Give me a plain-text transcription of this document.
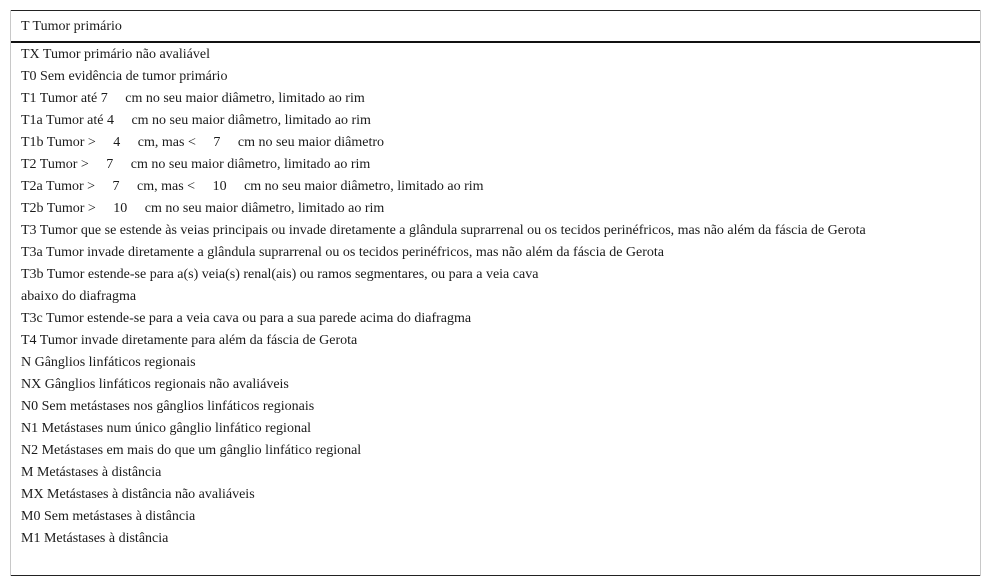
T Tumor primário
TX Tumor primário não avaliável
T0 Sem evidência de tumor primário
T1 Tumor até 7     cm no seu maior diâmetro, limitado ao rim
T1a Tumor até 4     cm no seu maior diâmetro, limitado ao rim
T1b Tumor >     4     cm, mas <     7     cm no seu maior diâmetro
T2 Tumor >     7     cm no seu maior diâmetro, limitado ao rim
T2a Tumor >     7     cm, mas <     10     cm no seu maior diâmetro, limitado ao rim
T2b Tumor >     10     cm no seu maior diâmetro, limitado ao rim
T3 Tumor que se estende às veias principais ou invade diretamente a glândula suprarrenal ou os tecidos perinéfricos, mas não além da fáscia de Gerota
T3a Tumor invade diretamente a glândula suprarrenal ou os tecidos perinéfricos, mas não além da fáscia de Gerota
T3b Tumor estende-se para a(s) veia(s) renal(ais) ou ramos segmentares, ou para a veia cava
abaixo do diafragma
T3c Tumor estende-se para a veia cava ou para a sua parede acima do diafragma
T4 Tumor invade diretamente para além da fáscia de Gerota
N Gânglios linfáticos regionais
NX Gânglios linfáticos regionais não avaliáveis
N0 Sem metástases nos gânglios linfáticos regionais
N1 Metástases num único gânglio linfático regional
N2 Metástases em mais do que um gânglio linfático regional
M Metástases à distância
MX Metástases à distância não avaliáveis
M0 Sem metástases à distância
M1 Metástases à distância
